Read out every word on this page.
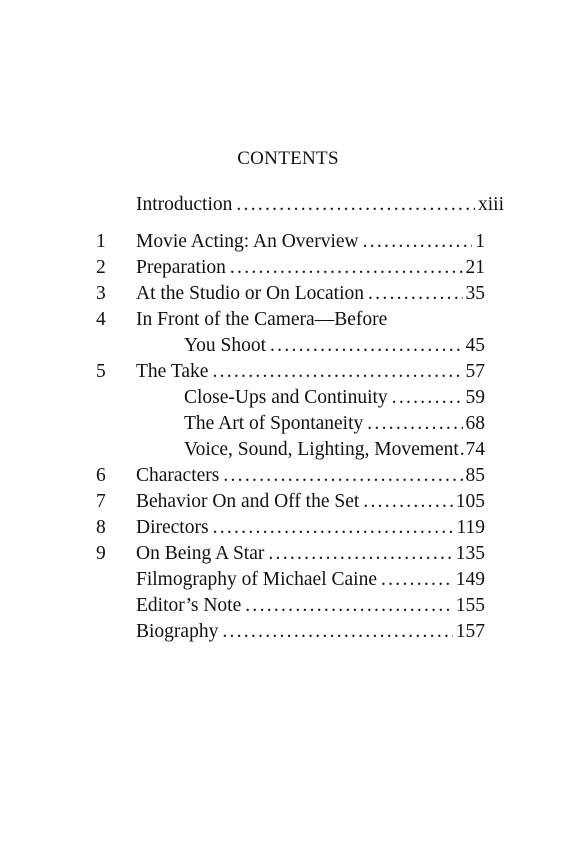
CONTENTS
Introduction . . .	xiii
1	Movie Acting: An Overview . . .	1
2	Preparation . . .	21
3	At the Studio or On Location . . .	35
4	In Front of the Camera—Before
You Shoot . . .	45
5	The Take . . .	57
Close-Ups and Continuity . . .	59
The Art of Spontaneity . . .	68
Voice, Sound, Lighting, Movement . . . 74
6	Characters . . .	85
7	Behavior On and Off the Set . . .	105
8	Directors . . .	119
9	On Being A Star . . .	135
Filmography of Michael Caine . . .	149
Editor’s Note . . .	155
Biography . . .	157
